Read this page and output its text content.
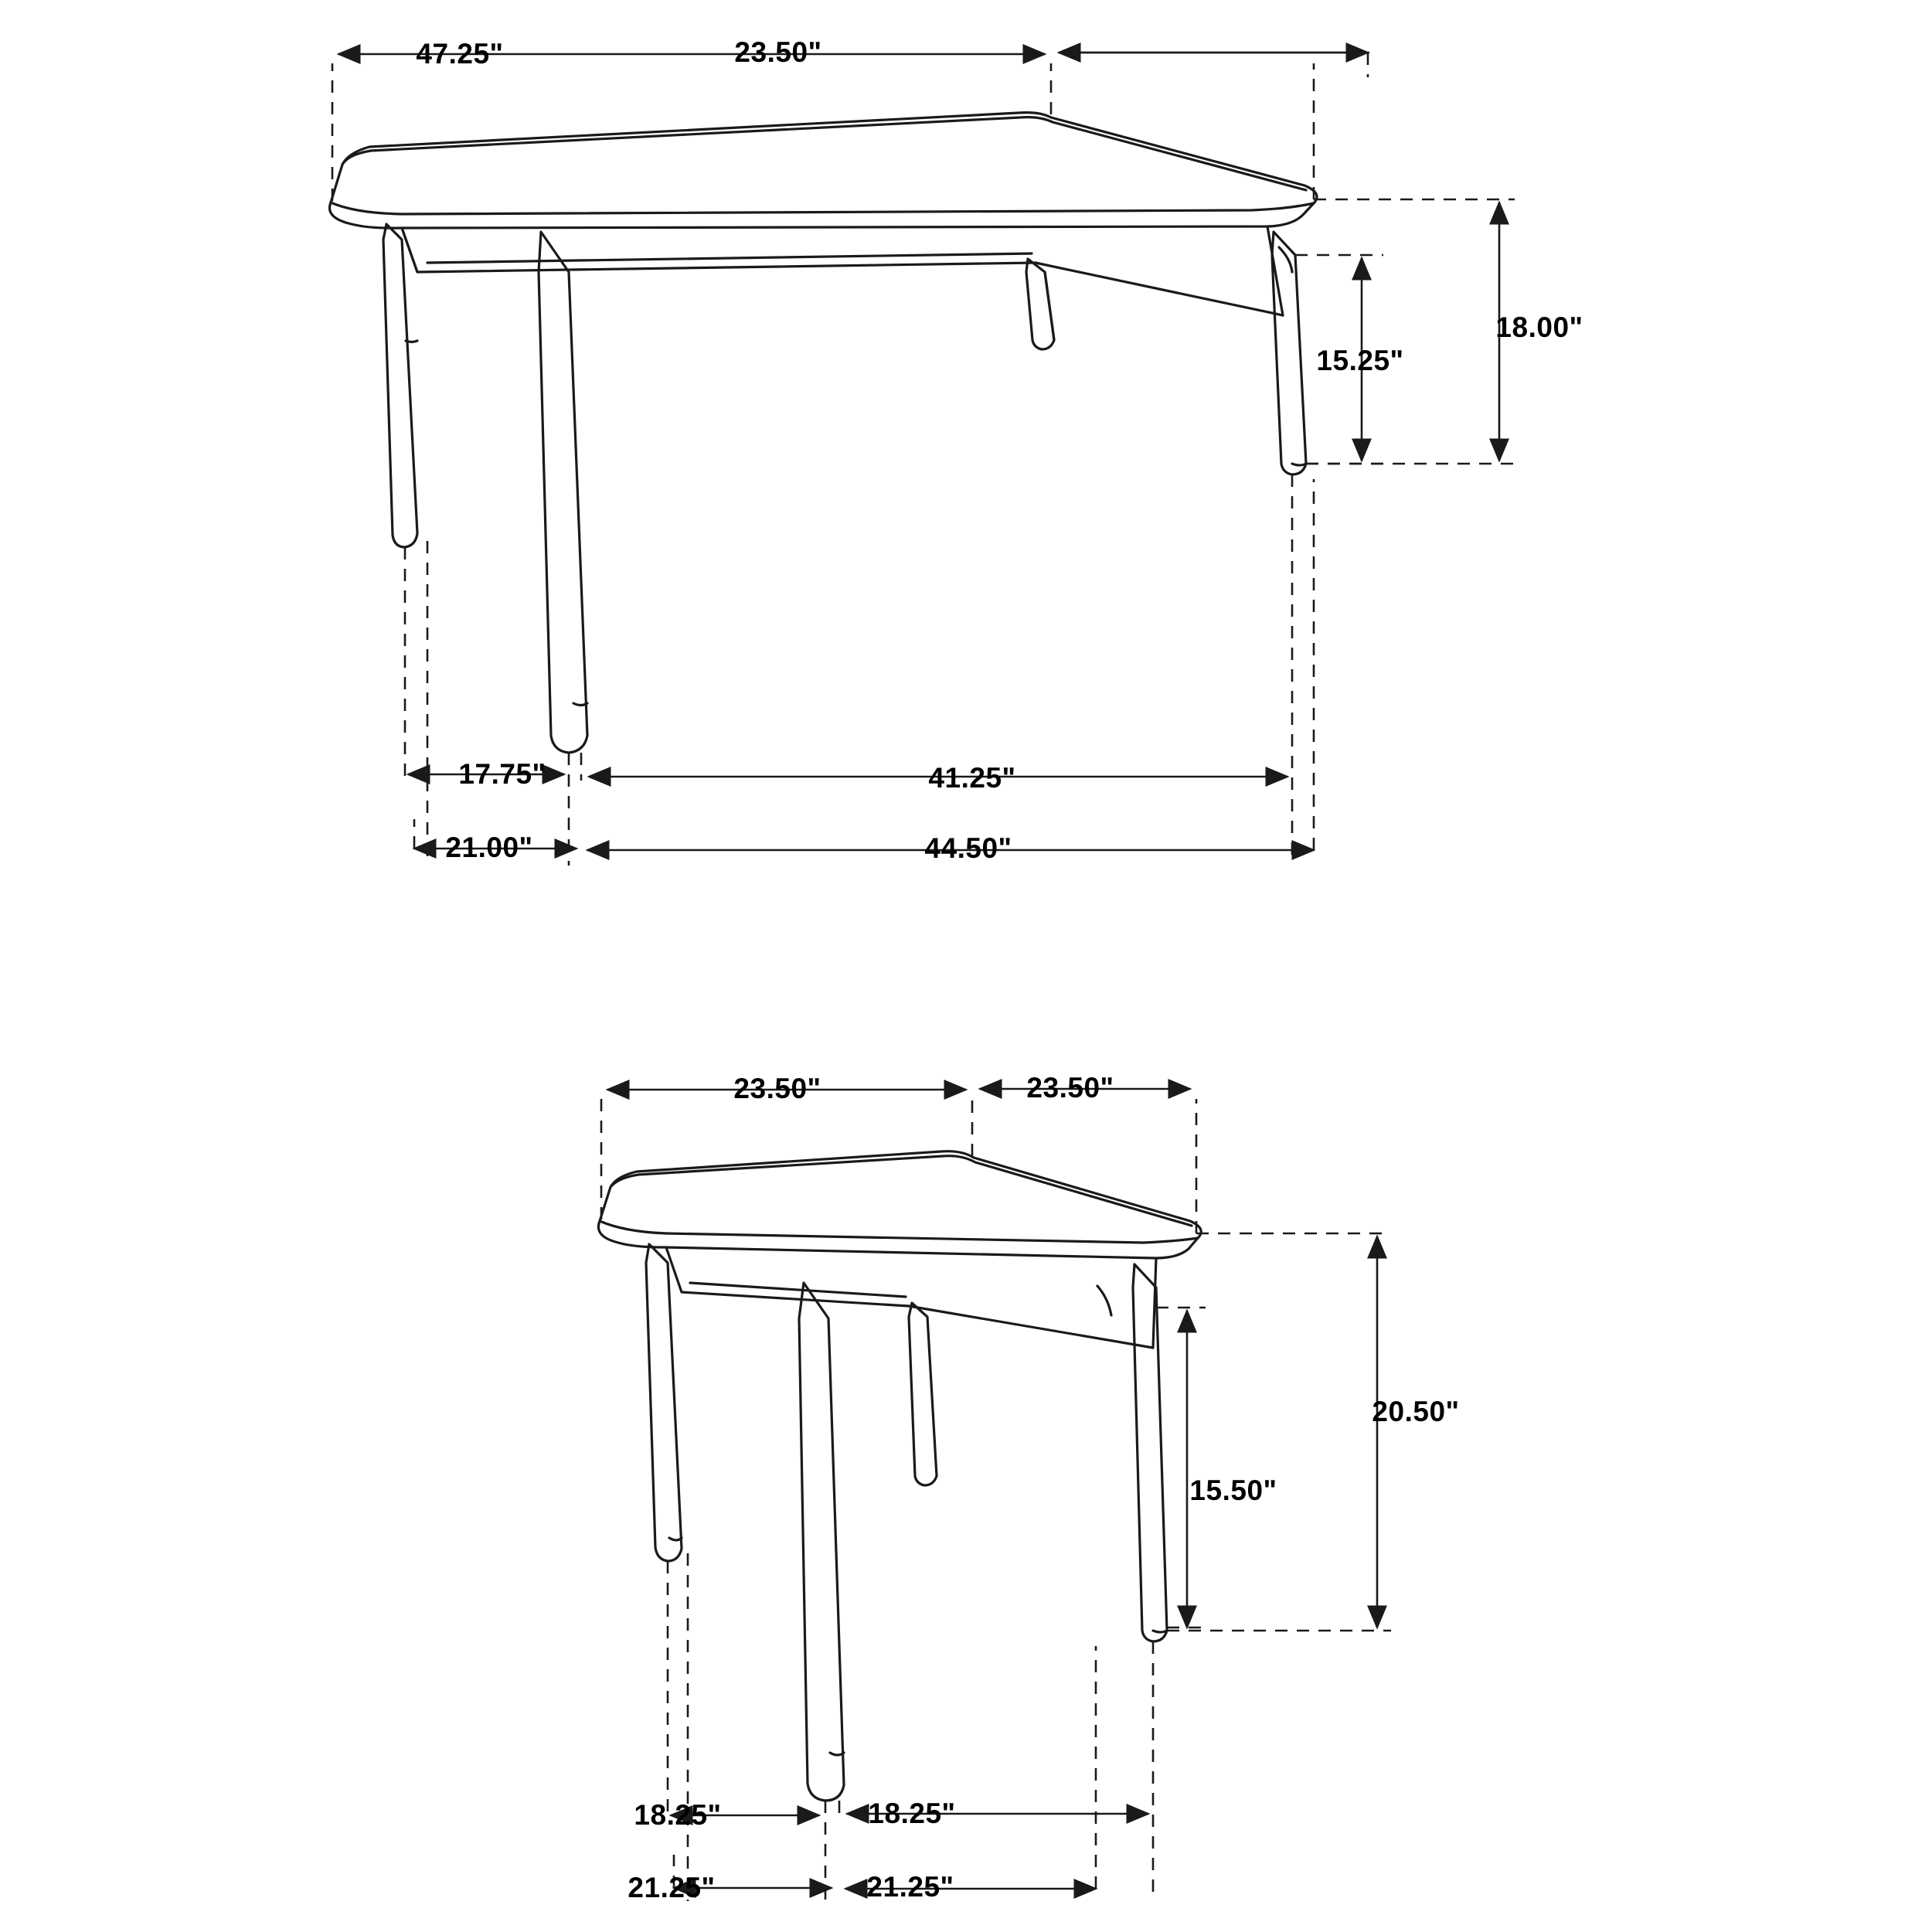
47.25"	23.50"
18.00"
15.25"
17.75"	41.25"
21.00"	44.50"
23.50"	23.50"
20.50"
15.50"
18.25"	18.25"
21.25"	21.25"
